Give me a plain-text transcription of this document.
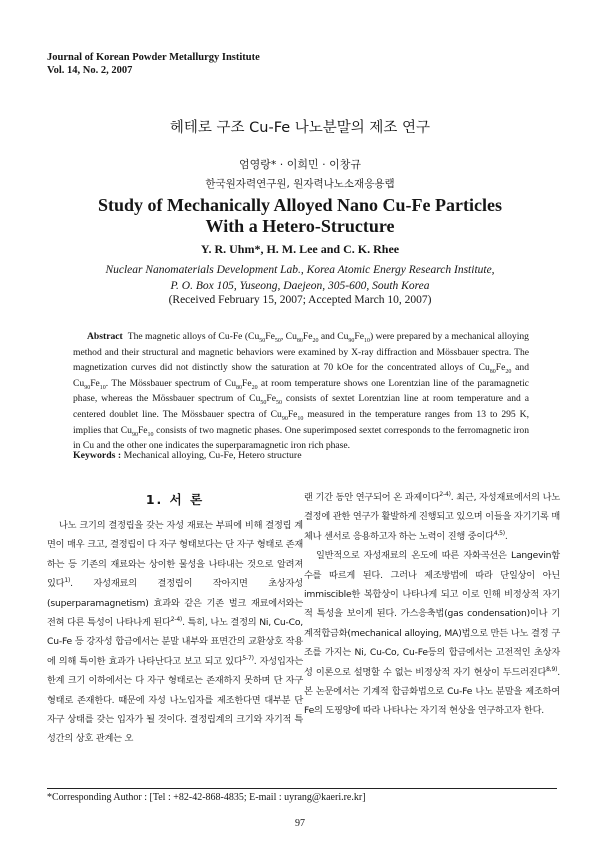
Journal of Korean Powder Metallurgy Institute
Vol. 14, No. 2, 2007
헤테로 구조 Cu-Fe 나노분말의 제조 연구
엄영랑* · 이희민 · 이창규
한국원자력연구원, 원자력나노소재응용랩
Study of Mechanically Alloyed Nano Cu-Fe Particles
With a Hetero-Structure
Y. R. Uhm*, H. M. Lee and C. K. Rhee
Nuclear Nanomaterials Development Lab., Korea Atomic Energy Research Institute,
P. O. Box 105, Yuseong, Daejeon, 305-600, South Korea
(Received February 15, 2007; Accepted March 10, 2007)
Abstract The magnetic alloys of Cu-Fe ($Cu_{50}Fe_{50}$, $Cu_{80}Fe_{20}$ and $Cu_{90}Fe_{10}$) were prepared by a mechanical alloying method and their structural and magnetic behaviors were examined by X-ray diffraction and Mössbauer spectra. The magnetization curves did not distinctly show the saturation at 70 kOe for the concentrated alloys of $Cu_{80}Fe_{20}$ and $Cu_{90}Fe_{10}$. The Mössbauer spectrum of $Cu_{80}Fe_{20}$ at room temperature shows one Lorentzian line of the paramagnetic phase, whereas the Mössbauer spectrum of $Cu_{50}Fe_{50}$ consists of sextet Lorentzian line at room temperature and a centered doublet line. The Mössbauer spectra of $Cu_{90}Fe_{10}$ measured in the temperature ranges from 13 to 295 K, implies that $Cu_{90}Fe_{10}$ consists of two magnetic phases. One superimposed sextet corresponds to the ferromagnetic iron in Cu and the other one indicates the superparamagnetic iron rich phase.
Keywords : Mechanical alloying, Cu-Fe, Hetero structure
1. 서 론

나노 크기의 결정립을 갖는 자성 재료는 부피에 비해 결정립 계면이 매우 크고, 결정립이 다 자구 형태보다는 단 자구 형태로 존재하는 등 기존의 재료와는 상이한 물성을 나타내는 것으로 알려져 있다$^{1)}$. 자성재료의 결정립이 작아지면 초상자성(superparamagnetism) 효과와 같은 기존 벌크 재료에서와는 전혀 다른 특성이 나타나게 된다$^{2-4)}$. 특히, 나노 결정의 Ni, Cu-Co, Cu-Fe 등 강자성 합금에서는 분말 내부와 표면간의 교환상호 작용에 의해 특이한 효과가 나타난다고 보고 되고 있다$^{5-7)}$. 자성입자는 한계 크기 이하에서는 다 자구 형태로는 존재하지 못하며 단 자구 형태로 존재한다. 때문에 자성 나노입자를 제조한다면 대부분 단 자구 상태를 갖는 입자가 될 것이다. 결정립계의 크기와 자기적 특성간의 상호 관계는 오

랜 기간 동안 연구되어 온 과제이다$^{2-4)}$. 최근, 자성재료에서의 나노 결정에 관한 연구가 활발하게 진행되고 있으며 이들을 자기기록 매체나 센서로 응용하고자 하는 노력이 진행 중이다$^{4,5)}$.

일반적으로 자성재료의 온도에 따른 자화곡선은 Langevin함수를 따르게 된다. 그러나 제조방법에 따라 단일상이 아닌 immiscible한 복합상이 나타나게 되고 이로 인해 비정상적 자기적 특성을 보이게 된다. 가스응축법(gas condensation)이나 기계적합금화(mechanical alloying, MA)법으로 만든 나노 결정 구조를 가지는 Ni, Cu-Co, Cu-Fe등의 합금에서는 고전적인 초상자성 이론으로 설명할 수 없는 비정상적 자기 현상이 두드러진다$^{8,9)}$. 본 논문에서는 기계적 합금화법으로 Cu-Fe 나노 분말을 제조하여 Fe의 도핑양에 따라 나타나는 자기적 현상을 연구하고자 한다.

*Corresponding Author : [Tel : +82-42-868-4835; E-mail : uyrang@kaeri.re.kr]
97
